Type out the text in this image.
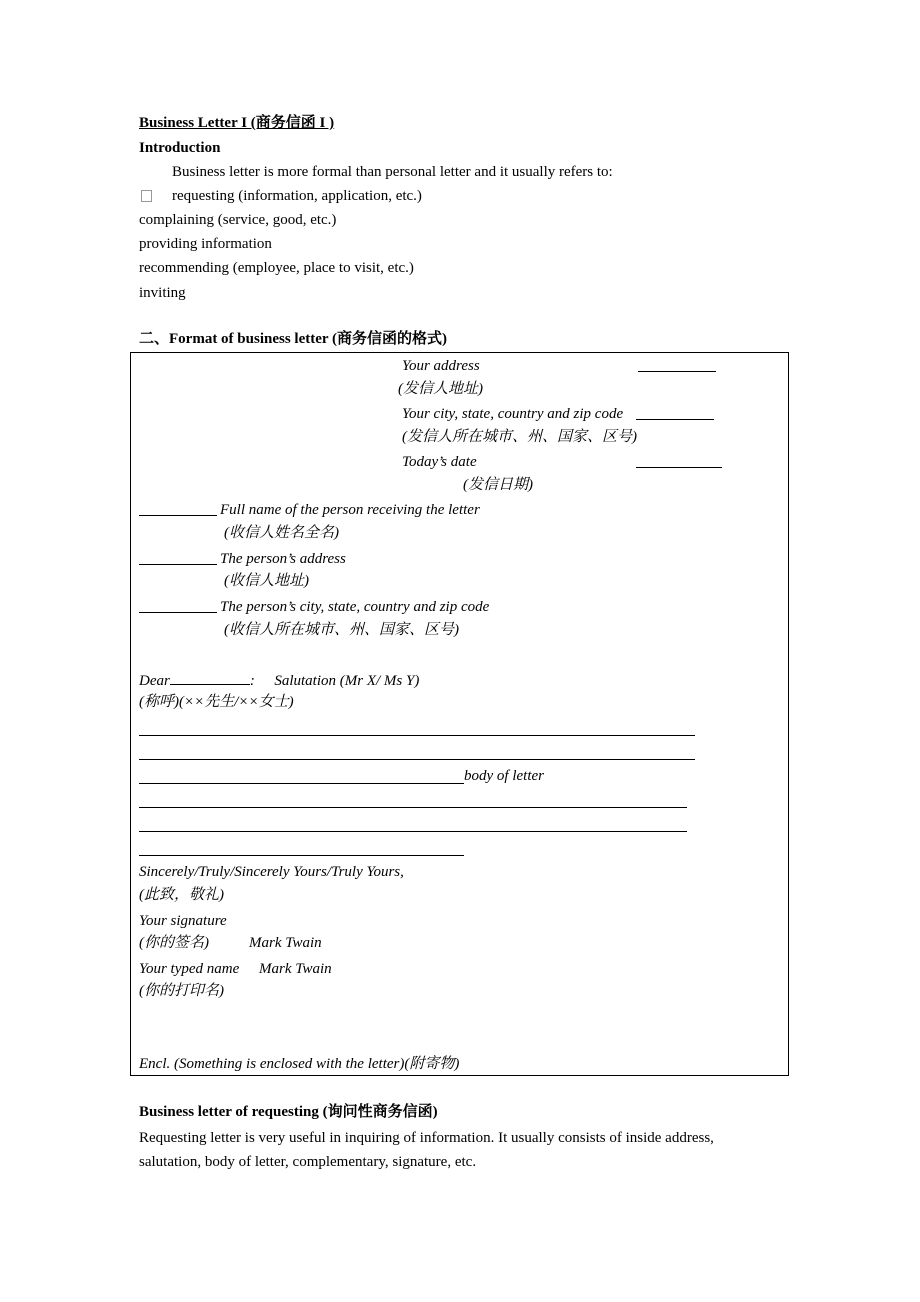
Business Letter I (商务信函 I )
Introduction
Business letter is more formal than personal letter and it usually refers to:
requesting (information, application, etc.)
complaining (service, good, etc.)
providing information
recommending (employee, place to visit, etc.)
inviting
二、Format of business letter (商务信函的格式)
Your address
(发信人地址)
Your city, state, country and zip code
(发信人所在城市、州、国家、区号)
Today’s date
(发信日期)
Full name of the person receiving the letter
(收信人姓名全名)
The person’s address
(收信人地址)
The person’s city, state, country and zip code
(收信人所在城市、州、国家、区号)
Dear	: Salutation (Mr X/ Ms Y)
(称呼)(××先生/××女士)
body of letter
Sincerely/Truly/Sincerely Yours/Truly Yours,
(此致，敬礼)
Your signature
(你的签名)	Mark Twain
Your typed name Mark Twain
(你的打印名)
Encl. (Something is enclosed with the letter)(附寄物)
Business letter of requesting (询问性商务信函)
Requesting letter is very useful in inquiring of information. It usually consists of inside address, salutation, body of letter, complementary, signature, etc.
